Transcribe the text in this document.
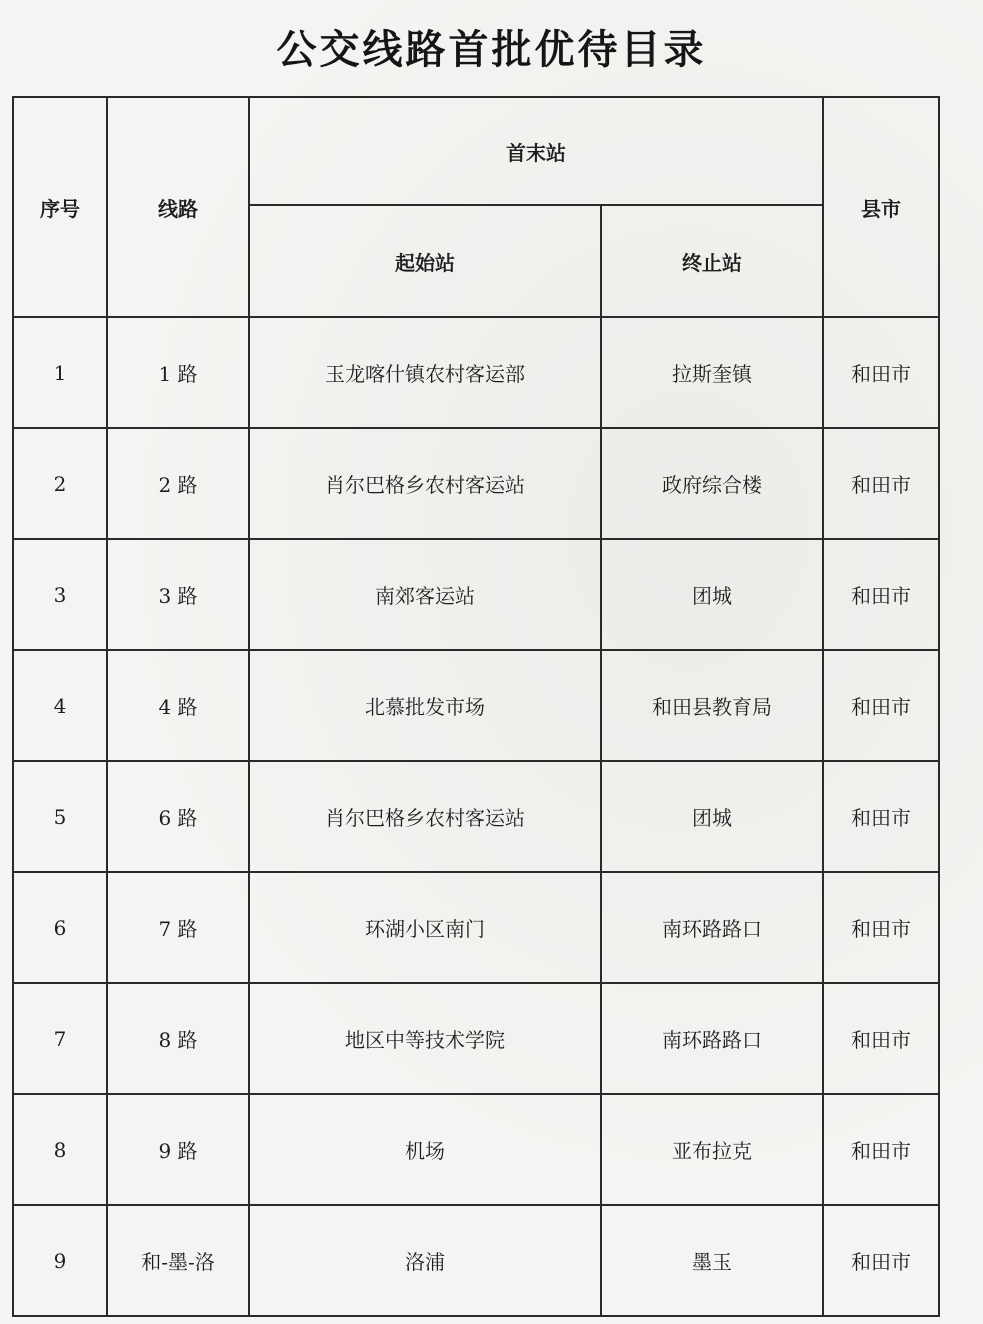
公交线路首批优待目录
序号	线路	首末站		县市
		起始站	终止站	
1	1 路	玉龙喀什镇农村客运部	拉斯奎镇	和田市
2	2 路	肖尔巴格乡农村客运站	政府综合楼	和田市
3	3 路	南郊客运站	团城	和田市
4	4 路	北慕批发市场	和田县教育局	和田市
5	6 路	肖尔巴格乡农村客运站	团城	和田市
6	7 路	环湖小区南门	南环路路口	和田市
7	8 路	地区中等技术学院	南环路路口	和田市
8	9 路	机场	亚布拉克	和田市
9	和-墨-洛	洛浦	墨玉	和田市
